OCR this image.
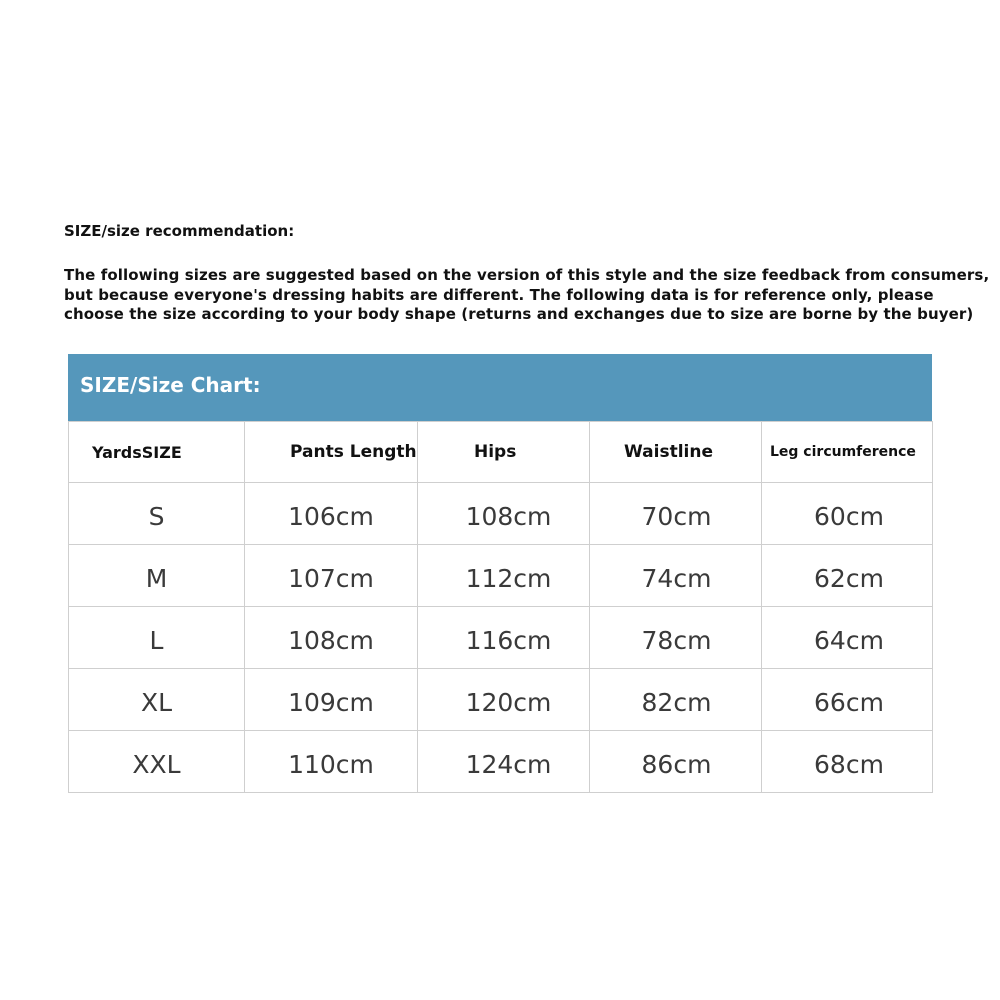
SIZE/size recommendation:
The following sizes are suggested based on the version of this style and the size feedback from consumers,
but because everyone's dressing habits are different. The following data is for reference only, please
choose the size according to your body shape (returns and exchanges due to size are borne by the buyer)
SIZE/Size Chart:
YardsSIZE	Pants Length	Hips	Waistline	Leg circumference
S	106cm	108cm	70cm	60cm
M	107cm	112cm	74cm	62cm
L	108cm	116cm	78cm	64cm
XL	109cm	120cm	82cm	66cm
XXL	110cm	124cm	86cm	68cm
